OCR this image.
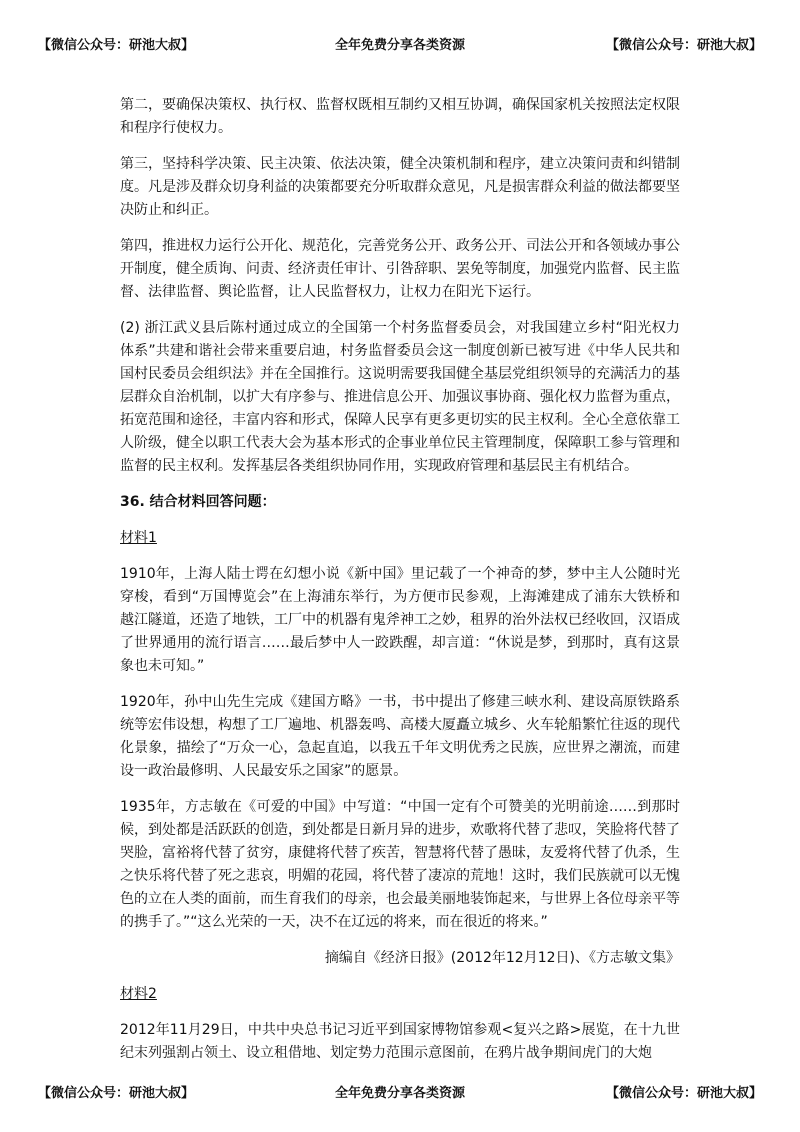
【微信公众号：研池大叔】	全年免费分享各类资源	【微信公众号：研池大叔】

第二，要确保决策权、执行权、监督权既相互制约又相互协调，确保国家机关按照法定权限和程序行使权力。

第三，坚持科学决策、民主决策、依法决策，健全决策机制和程序，建立决策问责和纠错制度。凡是涉及群众切身利益的决策都要充分听取群众意见，凡是损害群众利益的做法都要坚决防止和纠正。

第四，推进权力运行公开化、规范化，完善党务公开、政务公开、司法公开和各领域办事公开制度，健全质询、问责、经济责任审计、引咎辞职、罢免等制度，加强党内监督、民主监督、法律监督、舆论监督，让人民监督权力，让权力在阳光下运行。

(2) 浙江武义县后陈村通过成立的全国第一个村务监督委员会，对我国建立乡村“阳光权力体系”共建和谐社会带来重要启迪，村务监督委员会这一制度创新已被写进《中华人民共和国村民委员会组织法》并在全国推行。这说明需要我国健全基层党组织领导的充满活力的基层群众自治机制，以扩大有序参与、推进信息公开、加强议事协商、强化权力监督为重点，拓宽范围和途径，丰富内容和形式，保障人民享有更多更切实的民主权利。全心全意依靠工人阶级，健全以职工代表大会为基本形式的企事业单位民主管理制度，保障职工参与管理和监督的民主权利。发挥基层各类组织协同作用，实现政府管理和基层民主有机结合。

36. 结合材料回答问题：

材料1

1910年，上海人陆士谔在幻想小说《新中国》里记载了一个神奇的梦，梦中主人公随时光穿梭，看到“万国博览会”在上海浦东举行，为方便市民参观，上海滩建成了浦东大铁桥和越江隧道，还造了地铁，工厂中的机器有鬼斧神工之妙，租界的治外法权已经收回，汉语成了世界通用的流行语言……最后梦中人一跤跌醒，却言道：“休说是梦，到那时，真有这景象也未可知。”

1920年，孙中山先生完成《建国方略》一书，书中提出了修建三峡水利、建设高原铁路系统等宏伟设想，构想了工厂遍地、机器轰鸣、高楼大厦矗立城乡、火车轮船繁忙往返的现代化景象，描绘了“万众一心，急起直追，以我五千年文明优秀之民族，应世界之潮流，而建设一政治最修明、人民最安乐之国家”的愿景。

1935年，方志敏在《可爱的中国》中写道：“中国一定有个可赞美的光明前途……到那时候，到处都是活跃跃的创造，到处都是日新月异的进步，欢歌将代替了悲叹，笑脸将代替了哭脸，富裕将代替了贫穷，康健将代替了疾苦，智慧将代替了愚昧，友爱将代替了仇杀，生之快乐将代替了死之悲哀，明媚的花园，将代替了凄凉的荒地！这时，我们民族就可以无愧色的立在人类的面前，而生育我们的母亲，也会最美丽地装饰起来，与世界上各位母亲平等的携手了。”“这么光荣的一天，决不在辽远的将来，而在很近的将来。”

摘编自《经济日报》(2012年12月12日)、《方志敏文集》

材料2

2012年11月29日，中共中央总书记习近平到国家博物馆参观<复兴之路>展览，在十九世纪末列强割占领土、设立租借地、划定势力范围示意图前，在鸦片战争期间虎门的大炮

【微信公众号：研池大叔】	全年免费分享各类资源	【微信公众号：研池大叔】
